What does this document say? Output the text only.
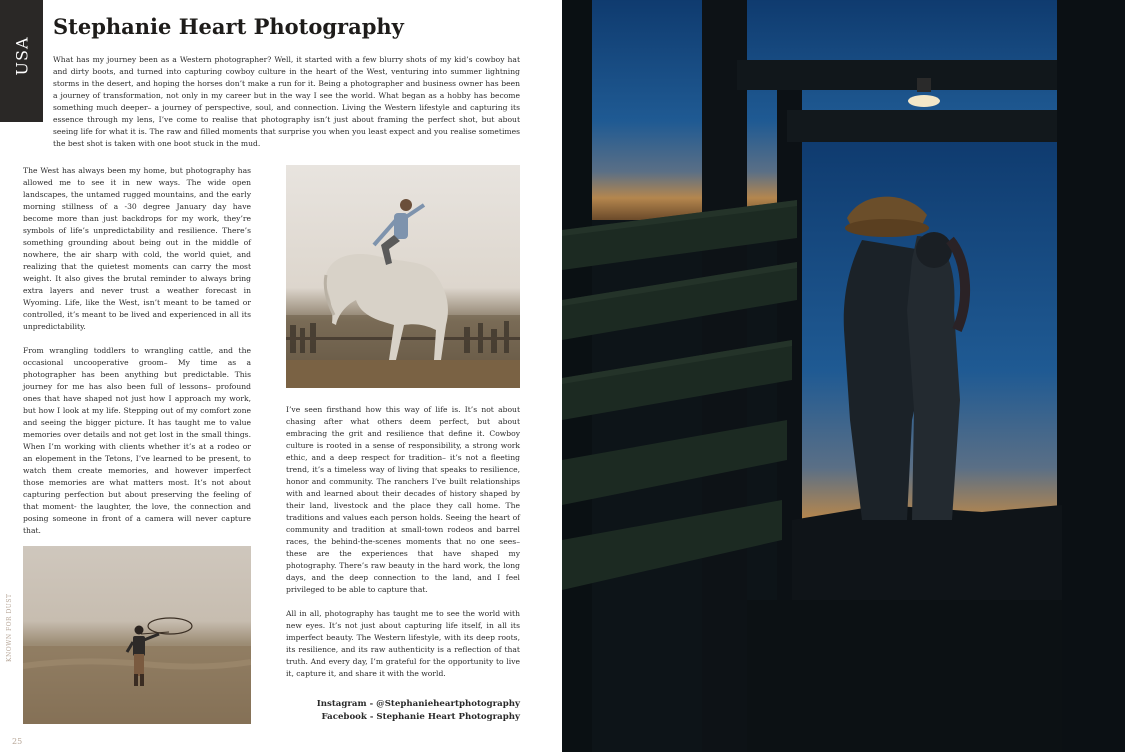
USA
Stephanie Heart Photography

What has my journey been as a Western photographer? Well, it started with a few blurry shots of my kid’s cowboy hat and dirty boots, and turned into capturing cowboy culture in the heart of the West, venturing into summer lightning storms in the desert, and hoping the horses don’t make a run for it. Being a photographer and business owner has been a journey of transformation, not only in my career but in the way I see the world. What began as a hobby has become something much deeper– a journey of perspective, soul, and connection. Living the Western lifestyle and capturing its essence through my lens, I’ve come to realise that photography isn’t just about framing the perfect shot, but about seeing life for what it is. The raw and filled moments that surprise you when you least expect and you realise sometimes the best shot is taken with one boot stuck in the mud.

The West has always been my home, but photography has allowed me to see it in new ways. The wide open landscapes, the untamed rugged mountains, and the early morning stillness of a -30 degree January day have become more than just backdrops for my work, they’re symbols of life’s unpredictability and resilience. There’s something grounding about being out in the middle of nowhere, the air sharp with cold, the world quiet, and realizing that the quietest moments can carry the most weight. It also gives the brutal reminder to always bring extra layers and never trust a weather forecast in Wyoming. Life, like the West, isn’t meant to be tamed or controlled, it’s meant to be lived and experienced in all its unpredictability.

From wrangling toddlers to wrangling cattle, and the occasional uncooperative groom– My time as a photographer has been anything but predictable. This journey for me has also been full of lessons– profound ones that have shaped not just how I approach my work, but how I look at my life. Stepping out of my comfort zone and seeing the bigger picture. It has taught me to value memories over details and not get lost in the small things. When I’m working with clients whether it’s at a rodeo or an elopement in the Tetons, I’ve learned to be present, to watch them create memories, and however imperfect those memories are what matters most. It’s not about capturing perfection but about preserving the feeling of that moment- the laughter, the love, the connection and posing someone in front of a camera will never capture that.

I’ve seen firsthand how this way of life is. It’s not about chasing after what others deem perfect, but about embracing the grit and resilience that define it. Cowboy culture is rooted in a sense of responsibility, a strong work ethic, and a deep respect for tradition– it’s not a fleeting trend, it’s a timeless way of living that speaks to resilience, honor and community. The ranchers I’ve built relationships with and learned about their decades of history shaped by their land, livestock and the place they call home. The traditions and values each person holds. Seeing the heart of community and tradition at small-town rodeos and barrel races, the behind-the-scenes moments that no one sees– these are the experiences that have shaped my photography. There’s raw beauty in the hard work, the long days, and the deep connection to the land, and I feel privileged to be able to capture that.

All in all, photography has taught me to see the world with new eyes. It’s not just about capturing life itself, in all its imperfect beauty. The Western lifestyle, with its deep roots, its resilience, and its raw authenticity is a reflection of that truth. And every day, I’m grateful for the opportunity to live it, capture it, and share it with the world.

Instagram - @Stephanieheartphotography
Facebook - Stephanie Heart Photography
KNOWN FOR DUST
25
